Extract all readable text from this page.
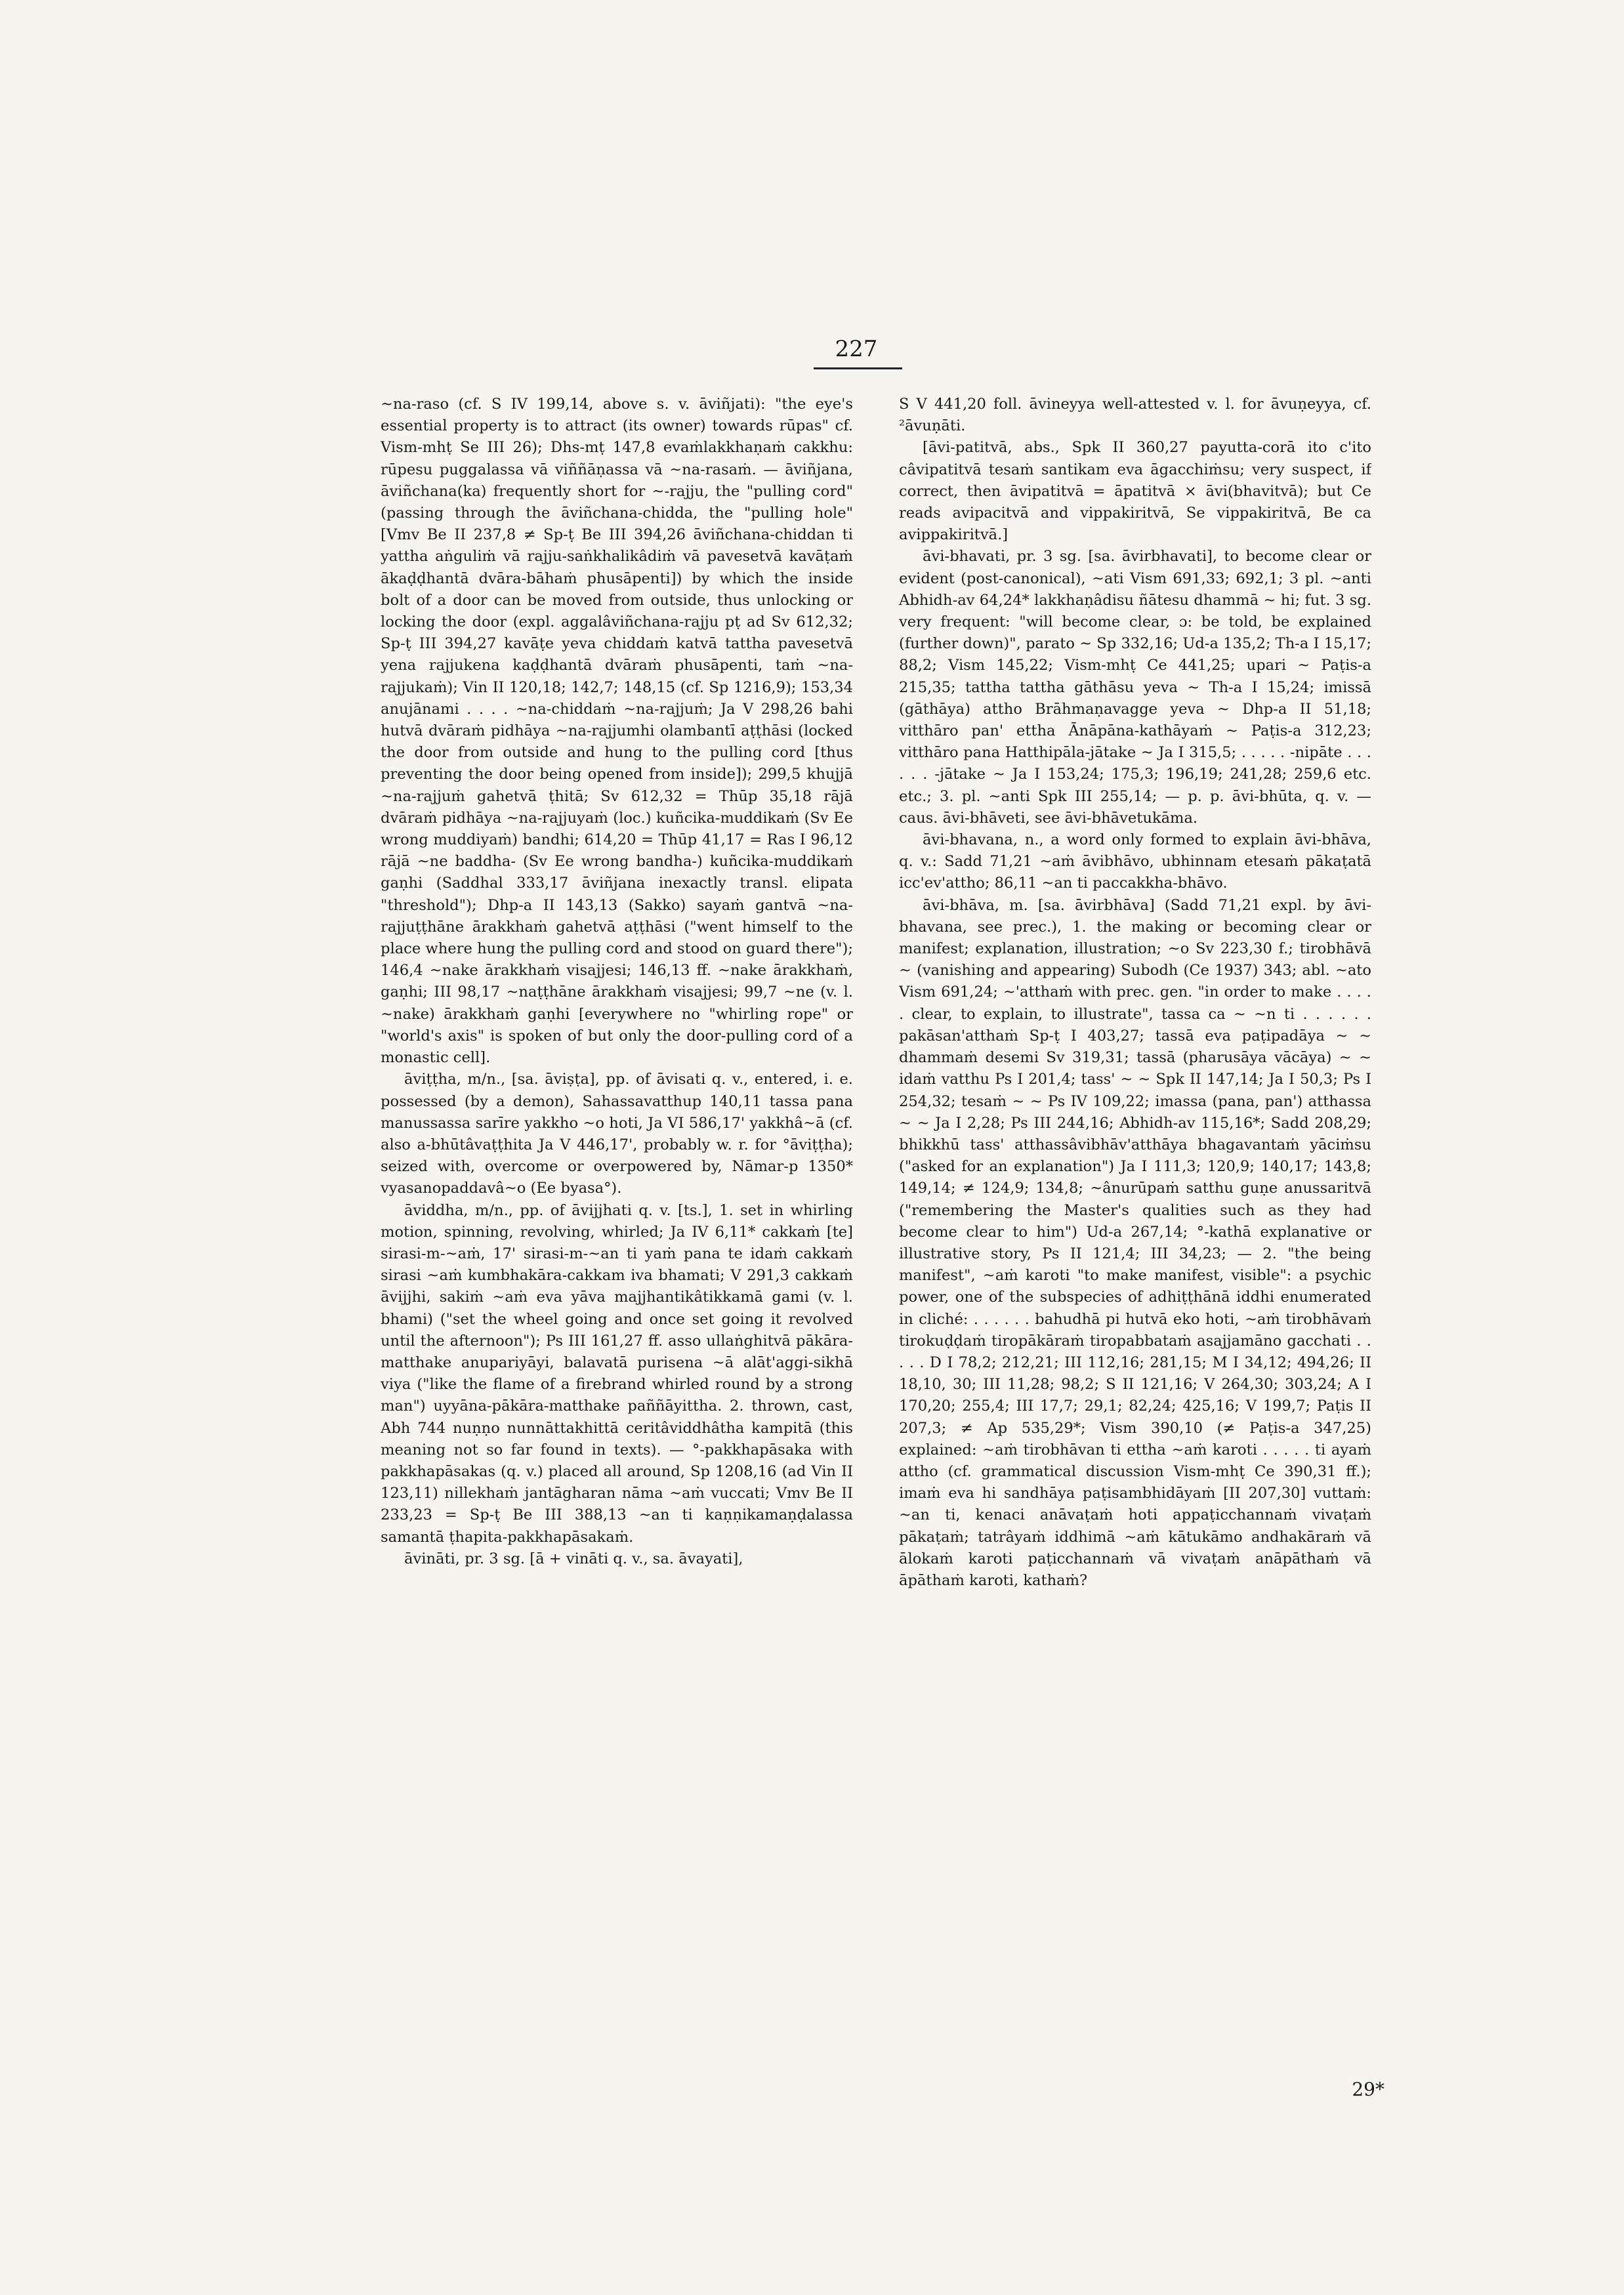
227

~na-raso (cf. S IV 199,14, above s. v. āviñjati): "the eye's essential property is to attract (its owner) towards rūpas" cf. Vism-mhṭ Se III 26); Dhs-mṭ 147,8 evaṁlakkhaṇaṁ cakkhu: rūpesu puggalassa vā viññāṇassa vā ~na-rasaṁ. — āviñjana, āviñchana(ka) frequently short for ~-rajju, the "pulling cord" (passing through the āviñchana-chidda, the "pulling hole" [Vmv Be II 237,8 ≠ Sp-ṭ Be III 394,26 āviñchana-chiddan ti yattha aṅguliṁ vā rajju-saṅkhalikâdiṁ vā pavesetvā kavāṭaṁ ākaḍḍhantā dvāra-bāhaṁ phusāpenti]) by which the inside bolt of a door can be moved from outside, thus unlocking or locking the door (expl. aggalâviñchana-rajju pṭ ad Sv 612,32; Sp-ṭ III 394,27 kavāṭe yeva chiddaṁ katvā tattha pavesetvā yena rajjukena kaḍḍhantā dvāraṁ phusāpenti, taṁ ~na-rajjukaṁ); Vin II 120,18; 142,7; 148,15 (cf. Sp 1216,9); 153,34 anujānami . . . . ~na-chiddaṁ ~na-rajjuṁ; Ja V 298,26 bahi hutvā dvāraṁ pidhāya ~na-rajjumhi olambantī aṭṭhāsi (locked the door from outside and hung to the pulling cord [thus preventing the door being opened from inside]); 299,5 khujjā ~na-rajjuṁ gahetvā ṭhitā; Sv 612,32 = Thūp 35,18 rājā dvāraṁ pidhāya ~na-rajjuyaṁ (loc.) kuñcika-muddikaṁ (Sv Ee wrong muddiyaṁ) bandhi; 614,20 = Thūp 41,17 = Ras I 96,12 rājā ~ne baddha- (Sv Ee wrong bandha-) kuñcika-muddikaṁ gaṇhi (Saddhal 333,17 āviñjana inexactly transl. elipata "threshold"); Dhp-a II 143,13 (Sakko) sayaṁ gantvā ~na-rajjuṭṭhāne ārakkhaṁ gahetvā aṭṭhāsi ("went himself to the place where hung the pulling cord and stood on guard there"); 146,4 ~nake ārakkhaṁ visajjesi; 146,13 ff. ~nake ārakkhaṁ, gaṇhi; III 98,17 ~naṭṭhāne ārakkhaṁ visajjesi; 99,7 ~ne (v. l. ~nake) ārakkhaṁ gaṇhi [everywhere no "whirling rope" or "world's axis" is spoken of but only the door-pulling cord of a monastic cell].

āviṭṭha, m/n., [sa. āviṣṭa], pp. of āvisati q. v., entered, i. e. possessed (by a demon), Sahassavatthup 140,11 tassa pana manussassa sarīre yakkho ~o hoti, Ja VI 586,17' yakkhâ~ā (cf. also a-bhūtâvaṭṭhita Ja V 446,17', probably w. r. for °āviṭṭha); seized with, overcome or overpowered by, Nāmar-p 1350* vyasanopaddavâ~o (Ee byasa°).

āviddha, m/n., pp. of āvijjhati q. v. [ts.], 1. set in whirling motion, spinning, revolving, whirled; Ja IV 6,11* cakkaṁ [te] sirasi-m-~aṁ, 17' sirasi-m-~an ti yaṁ pana te idaṁ cakkaṁ sirasi ~aṁ kumbhakāra-cakkam iva bhamati; V 291,3 cakkaṁ āvijjhi, sakiṁ ~aṁ eva yāva majjhantikâtikkamā gami (v. l. bhami) ("set the wheel going and once set going it revolved until the afternoon"); Ps III 161,27 ff. asso ullaṅghitvā pākāra-matthake anupariyāyi, balavatā purisena ~ā alāt'aggi-sikhā viya ("like the flame of a firebrand whirled round by a strong man") uyyāna-pākāra-matthake paññāyittha. 2. thrown, cast, Abh 744 nuṇṇo nunnāttakhittā ceritâviddhâtha kampitā (this meaning not so far found in texts). — °-pakkhapāsaka with pakkhapāsakas (q. v.) placed all around, Sp 1208,16 (ad Vin II 123,11) nillekhaṁ jantāgharan nāma ~aṁ vuccati; Vmv Be II 233,23 = Sp-ṭ Be III 388,13 ~an ti kaṇṇikamaṇḍalassa samantā ṭhapita-pakkhapāsakaṁ.

āvināti, pr. 3 sg. [ā + vināti q. v., sa. āvayati],

S V 441,20 foll. āvineyya well-attested v. l. for āvuṇeyya, cf. ²āvuṇāti.

[āvi-patitvā, abs., Spk II 360,27 payutta-corā ito c'ito câvipatitvā tesaṁ santikam eva āgacchiṁsu; very suspect, if correct, then āvipatitvā = āpatitvā × āvi(bhavitvā); but Ce reads avipacitvā and vippakiritvā, Se vippakiritvā, Be ca avippakiritvā.]

āvi-bhavati, pr. 3 sg. [sa. āvirbhavati], to become clear or evident (post-canonical), ~ati Vism 691,33; 692,1; 3 pl. ~anti Abhidh-av 64,24* lakkhaṇâdisu ñātesu dhammā ~ hi; fut. 3 sg. very frequent: "will become clear, ɔ: be told, be explained (further down)", parato ~ Sp 332,16; Ud-a 135,2; Th-a I 15,17; 88,2; Vism 145,22; Vism-mhṭ Ce 441,25; upari ~ Paṭis-a 215,35; tattha tattha gāthāsu yeva ~ Th-a I 15,24; imissā (gāthāya) attho Brāhmaṇavagge yeva ~ Dhp-a II 51,18; vitthāro pan' ettha Ānāpāna-kathāyaṁ ~ Paṭis-a 312,23; vitthāro pana Hatthipāla-jātake ~ Ja I 315,5; . . . . . -nipāte . . . . . . -jātake ~ Ja I 153,24; 175,3; 196,19; 241,28; 259,6 etc. etc.; 3. pl. ~anti Spk III 255,14; — p. p. āvi-bhūta, q. v. — caus. āvi-bhāveti, see āvi-bhāvetukāma.

āvi-bhavana, n., a word only formed to explain āvi-bhāva, q. v.: Sadd 71,21 ~aṁ āvibhāvo, ubhinnam etesaṁ pākaṭatā icc'ev'attho; 86,11 ~an ti paccakkha-bhāvo.

āvi-bhāva, m. [sa. āvirbhāva] (Sadd 71,21 expl. by āvi-bhavana, see prec.), 1. the making or becoming clear or manifest; explanation, illustration; ~o Sv 223,30 f.; tirobhāvā ~ (vanishing and appearing) Subodh (Ce 1937) 343; abl. ~ato Vism 691,24; ~'atthaṁ with prec. gen. "in order to make . . . . . clear, to explain, to illustrate", tassa ca ~ ~n ti . . . . . . pakāsan'atthaṁ Sp-ṭ I 403,27; tassā eva paṭipadāya ~ ~ dhammaṁ desemi Sv 319,31; tassā (pharusāya vācāya) ~ ~ idaṁ vatthu Ps I 201,4; tass' ~ ~ Spk II 147,14; Ja I 50,3; Ps I 254,32; tesaṁ ~ ~ Ps IV 109,22; imassa (pana, pan') atthassa ~ ~ Ja I 2,28; Ps III 244,16; Abhidh-av 115,16*; Sadd 208,29; bhikkhū tass' atthassâvibhāv'atthāya bhagavantaṁ yāciṁsu ("asked for an explanation") Ja I 111,3; 120,9; 140,17; 143,8; 149,14; ≠ 124,9; 134,8; ~ânurūpaṁ satthu guṇe anussaritvā ("remembering the Master's qualities such as they had become clear to him") Ud-a 267,14; °-kathā explanative or illustrative story, Ps II 121,4; III 34,23; — 2. "the being manifest", ~aṁ karoti "to make manifest, visible": a psychic power, one of the subspecies of adhiṭṭhānā iddhi enumerated in cliché: . . . . . . bahudhā pi hutvā eko hoti, ~aṁ tirobhāvaṁ tirokuḍḍaṁ tiropākāraṁ tiropabbataṁ asajjamāno gacchati . . . . . D I 78,2; 212,21; III 112,16; 281,15; M I 34,12; 494,26; II 18,10, 30; III 11,28; 98,2; S II 121,16; V 264,30; 303,24; A I 170,20; 255,4; III 17,7; 29,1; 82,24; 425,16; V 199,7; Paṭis II 207,3; ≠ Ap 535,29*; Vism 390,10 (≠ Paṭis-a 347,25) explained: ~aṁ tirobhāvan ti ettha ~aṁ karoti . . . . . ti ayaṁ attho (cf. grammatical discussion Vism-mhṭ Ce 390,31 ff.); imaṁ eva hi sandhāya paṭisambhidāyaṁ [II 207,30] vuttaṁ: ~an ti, kenaci anāvaṭaṁ hoti appaṭicchannaṁ vivaṭaṁ pākaṭaṁ; tatrâyaṁ iddhimā ~aṁ kātukāmo andhakāraṁ vā ālokaṁ karoti paṭicchannaṁ vā vivaṭaṁ anāpāthaṁ vā āpāthaṁ karoti, kathaṁ?

29*
